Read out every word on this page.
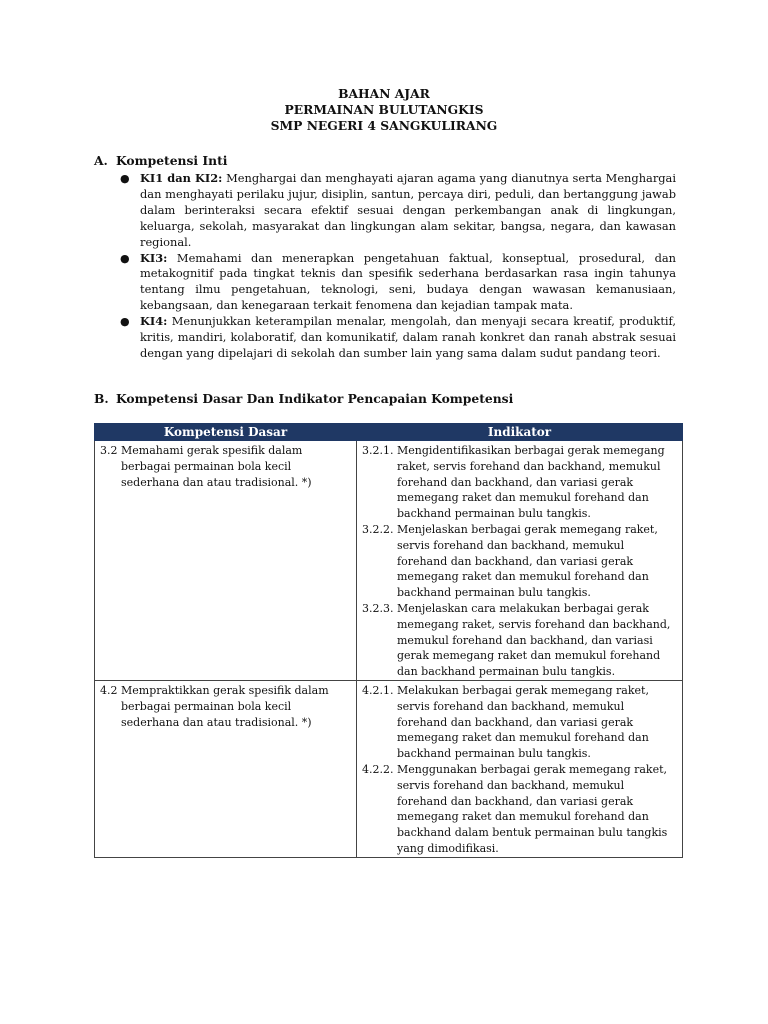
BAHAN AJAR
PERMAINAN BULUTANGKIS
SMP NEGERI 4 SANGKULIRANG
A. Kompetensi Inti
● KI1 dan KI2: Menghargai dan menghayati ajaran agama yang dianutnya serta Menghargai dan menghayati perilaku jujur, disiplin, santun, percaya diri, peduli, dan bertanggung jawab dalam berinteraksi secara efektif sesuai dengan perkembangan anak di lingkungan, keluarga, sekolah, masyarakat dan lingkungan alam sekitar, bangsa, negara, dan kawasan regional.
● KI3: Memahami dan menerapkan pengetahuan faktual, konseptual, prosedural, dan metakognitif pada tingkat teknis dan spesifik sederhana berdasarkan rasa ingin tahunya tentang ilmu pengetahuan, teknologi, seni, budaya dengan wawasan kemanusiaan, kebangsaan, dan kenegaraan terkait fenomena dan kejadian tampak mata.
● KI4: Menunjukkan keterampilan menalar, mengolah, dan menyaji secara kreatif, produktif, kritis, mandiri, kolaboratif, dan komunikatif, dalam ranah konkret dan ranah abstrak sesuai dengan yang dipelajari di sekolah dan sumber lain yang sama dalam sudut pandang teori.
B. Kompetensi Dasar Dan Indikator Pencapaian Kompetensi
Kompetensi Dasar	Indikator

3.2 Memahami gerak spesifik dalam berbagai permainan bola kecil sederhana dan atau tradisional. *)	3.2.1. Mengidentifikasikan berbagai gerak memegang raket, servis forehand dan backhand, memukul forehand dan backhand, dan variasi gerak memegang raket dan memukul forehand dan backhand permainan bulu tangkis.
3.2.2. Menjelaskan berbagai gerak memegang raket, servis forehand dan backhand, memukul forehand dan backhand, dan variasi gerak memegang raket dan memukul forehand dan backhand permainan bulu tangkis.
3.2.3. Menjelaskan cara melakukan berbagai gerak memegang raket, servis forehand dan backhand, memukul forehand dan backhand, dan variasi gerak memegang raket dan memukul forehand dan backhand permainan bulu tangkis.

4.2 Mempraktikkan gerak spesifik dalam berbagai permainan bola kecil sederhana dan atau tradisional. *)	4.2.1. Melakukan berbagai gerak memegang raket, servis forehand dan backhand, memukul forehand dan backhand, dan variasi gerak memegang raket dan memukul forehand dan backhand permainan bulu tangkis.
4.2.2. Menggunakan berbagai gerak memegang raket, servis forehand dan backhand, memukul forehand dan backhand, dan variasi gerak memegang raket dan memukul forehand dan backhand dalam bentuk permainan bulu tangkis yang dimodifikasi.
